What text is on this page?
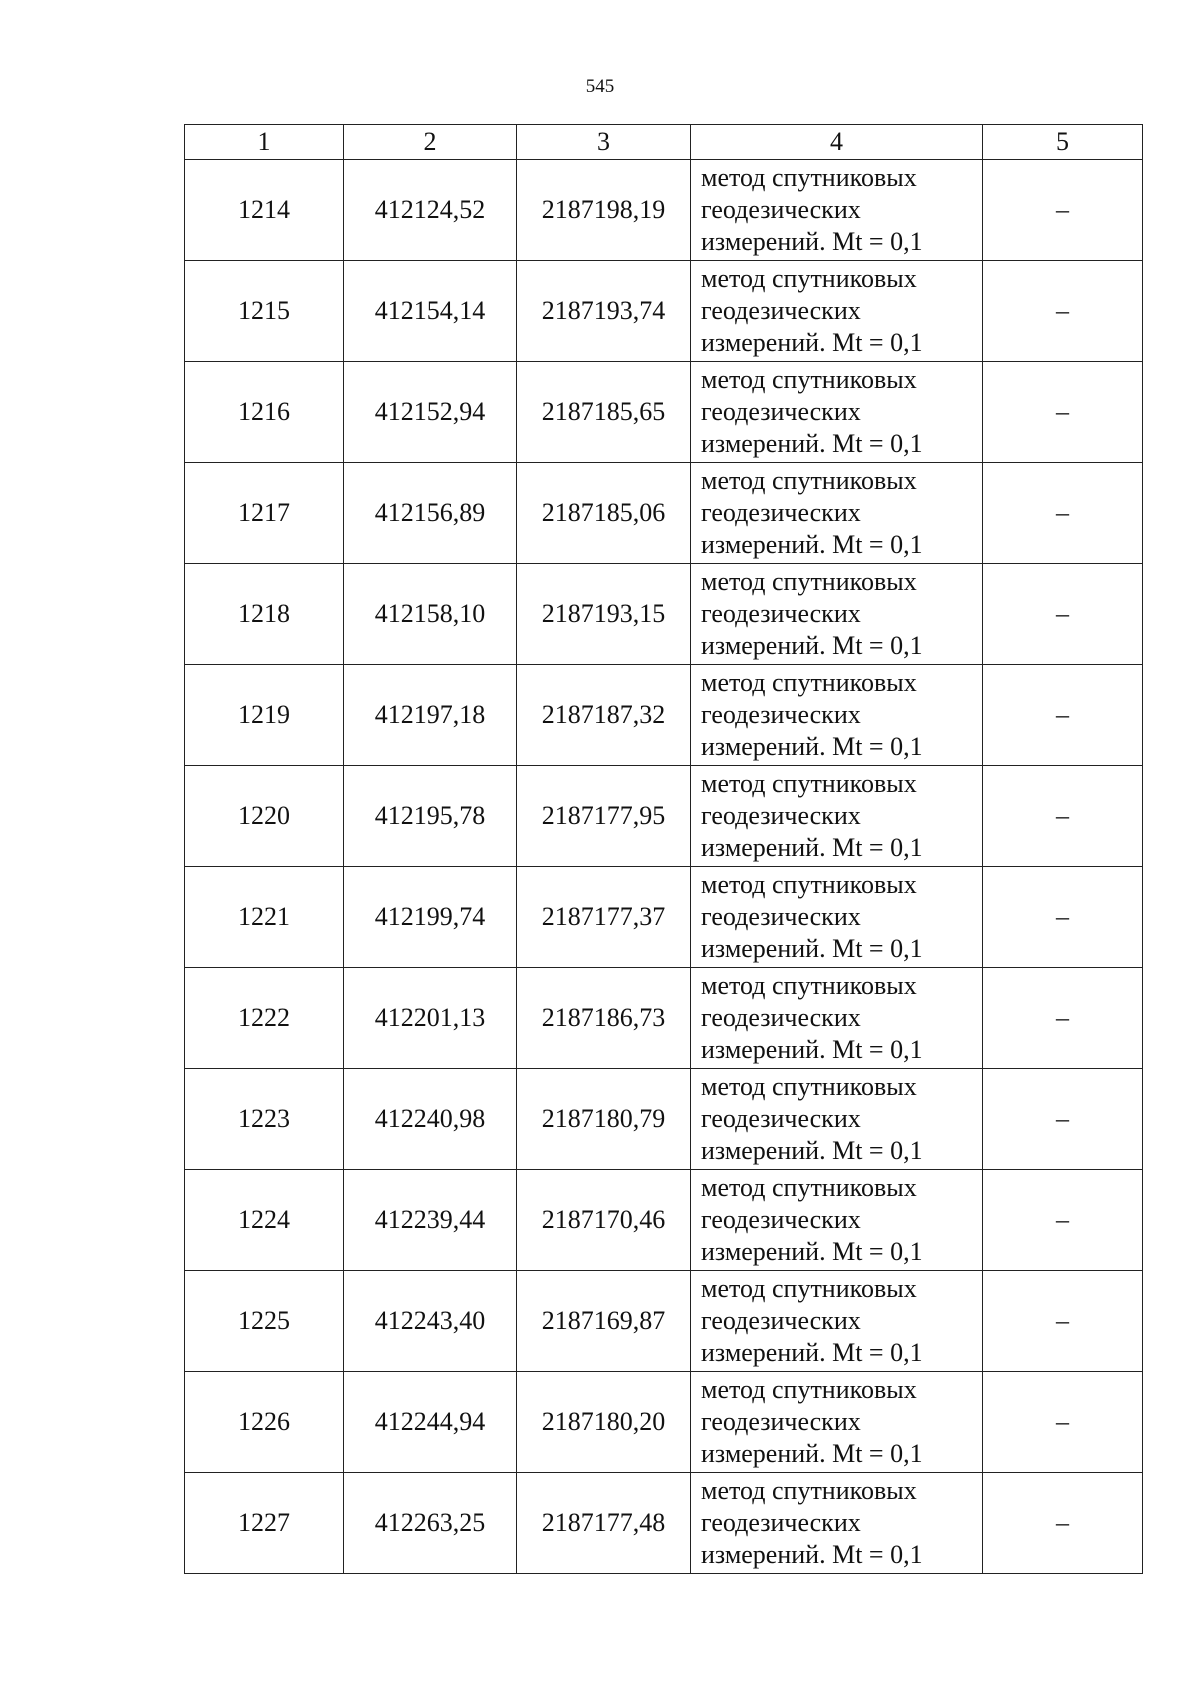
545
1	2	3	4	5
1214	412124,52	2187198,19	метод спутниковых
геодезических
измерений. Mt = 0,1	–
1215	412154,14	2187193,74	метод спутниковых
геодезических
измерений. Mt = 0,1	–
1216	412152,94	2187185,65	метод спутниковых
геодезических
измерений. Mt = 0,1	–
1217	412156,89	2187185,06	метод спутниковых
геодезических
измерений. Mt = 0,1	–
1218	412158,10	2187193,15	метод спутниковых
геодезических
измерений. Mt = 0,1	–
1219	412197,18	2187187,32	метод спутниковых
геодезических
измерений. Mt = 0,1	–
1220	412195,78	2187177,95	метод спутниковых
геодезических
измерений. Mt = 0,1	–
1221	412199,74	2187177,37	метод спутниковых
геодезических
измерений. Mt = 0,1	–
1222	412201,13	2187186,73	метод спутниковых
геодезических
измерений. Mt = 0,1	–
1223	412240,98	2187180,79	метод спутниковых
геодезических
измерений. Mt = 0,1	–
1224	412239,44	2187170,46	метод спутниковых
геодезических
измерений. Mt = 0,1	–
1225	412243,40	2187169,87	метод спутниковых
геодезических
измерений. Mt = 0,1	–
1226	412244,94	2187180,20	метод спутниковых
геодезических
измерений. Mt = 0,1	–
1227	412263,25	2187177,48	метод спутниковых
геодезических
измерений. Mt = 0,1	–
